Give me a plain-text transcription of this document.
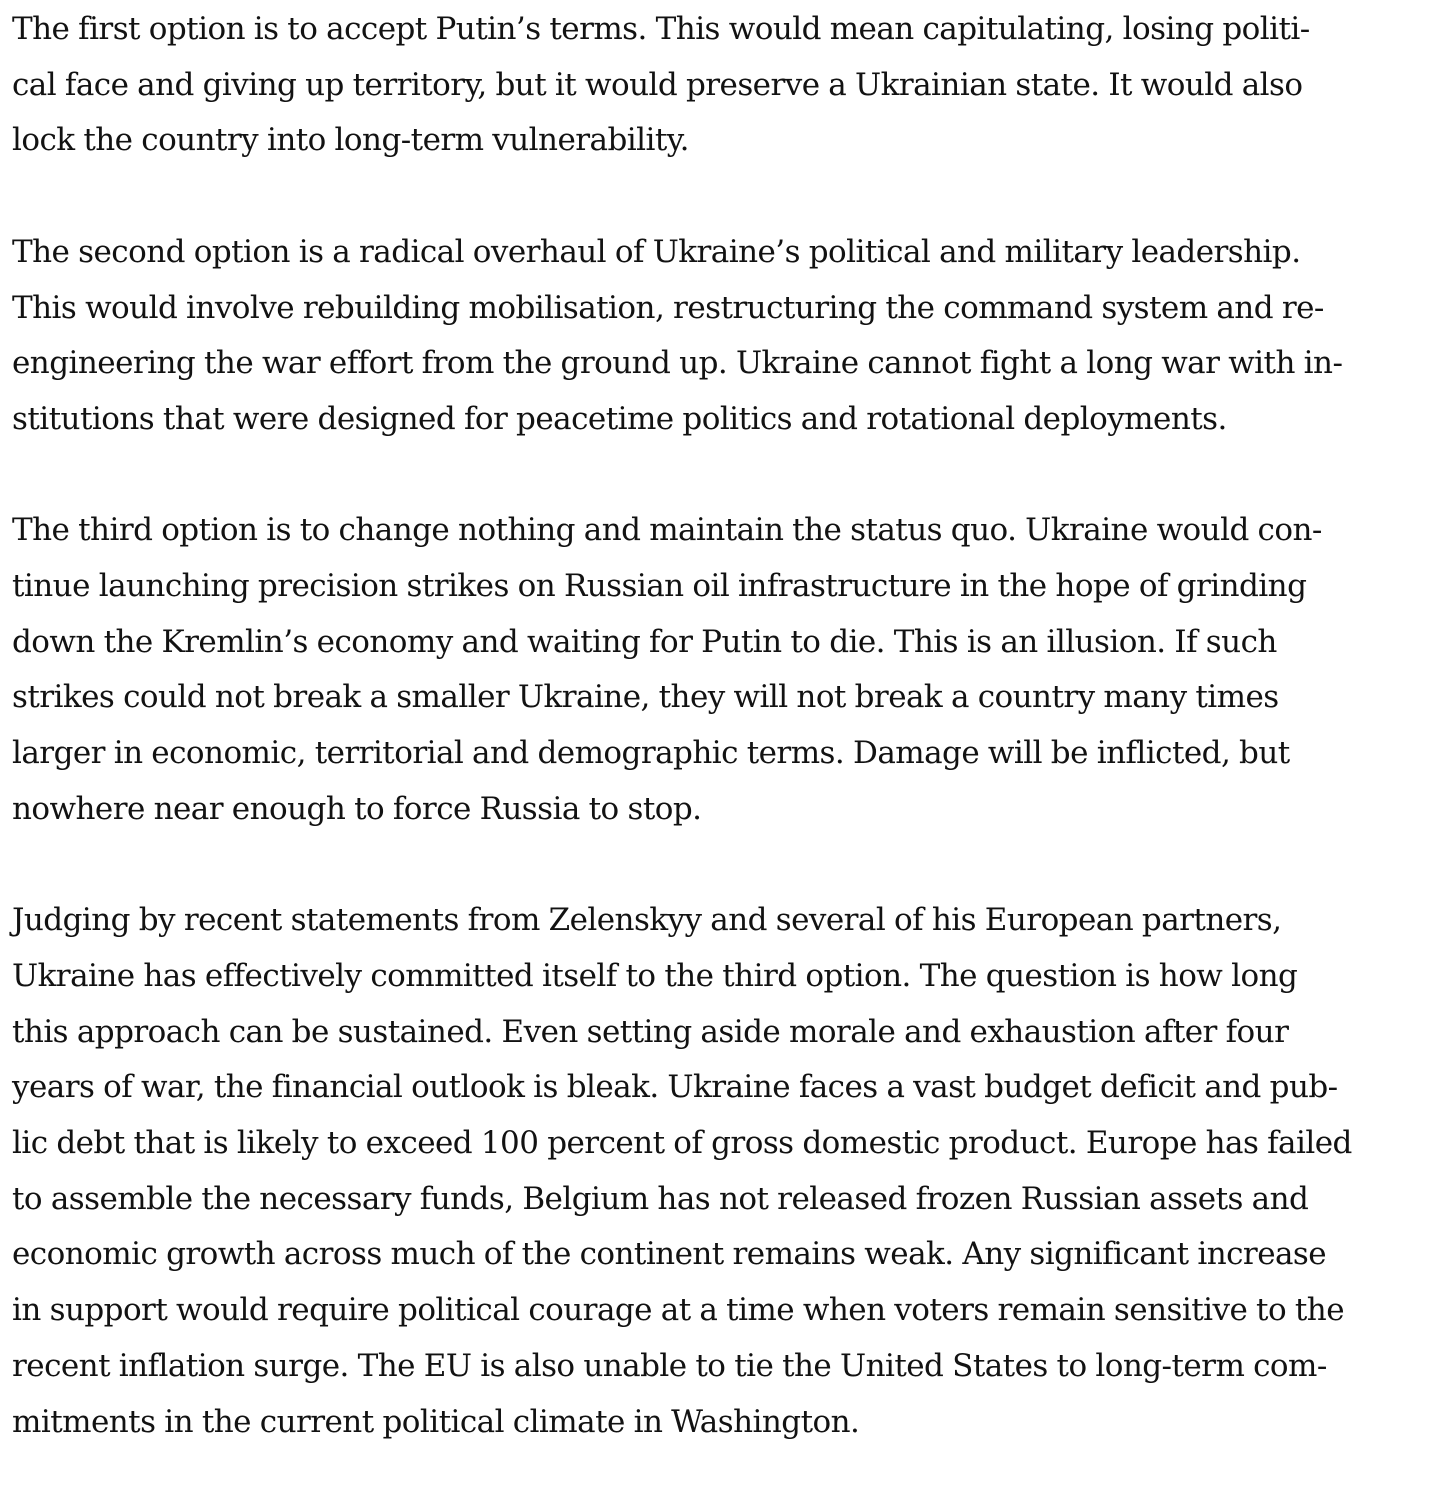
The first option is to accept Putin’s terms. This would mean capitulating, losing politi-
cal face and giving up territory, but it would preserve a Ukrainian state. It would also
lock the country into long-term vulnerability.

The second option is a radical overhaul of Ukraine’s political and military leadership.
This would involve rebuilding mobilisation, restructuring the command system and re-
engineering the war effort from the ground up. Ukraine cannot fight a long war with in-
stitutions that were designed for peacetime politics and rotational deployments.

The third option is to change nothing and maintain the status quo. Ukraine would con-
tinue launching precision strikes on Russian oil infrastructure in the hope of grinding
down the Kremlin’s economy and waiting for Putin to die. This is an illusion. If such
strikes could not break a smaller Ukraine, they will not break a country many times
larger in economic, territorial and demographic terms. Damage will be inflicted, but
nowhere near enough to force Russia to stop.

Judging by recent statements from Zelenskyy and several of his European partners,
Ukraine has effectively committed itself to the third option. The question is how long
this approach can be sustained. Even setting aside morale and exhaustion after four
years of war, the financial outlook is bleak. Ukraine faces a vast budget deficit and pub-
lic debt that is likely to exceed 100 percent of gross domestic product. Europe has failed
to assemble the necessary funds, Belgium has not released frozen Russian assets and
economic growth across much of the continent remains weak. Any significant increase
in support would require political courage at a time when voters remain sensitive to the
recent inflation surge. The EU is also unable to tie the United States to long-term com-
mitments in the current political climate in Washington.
